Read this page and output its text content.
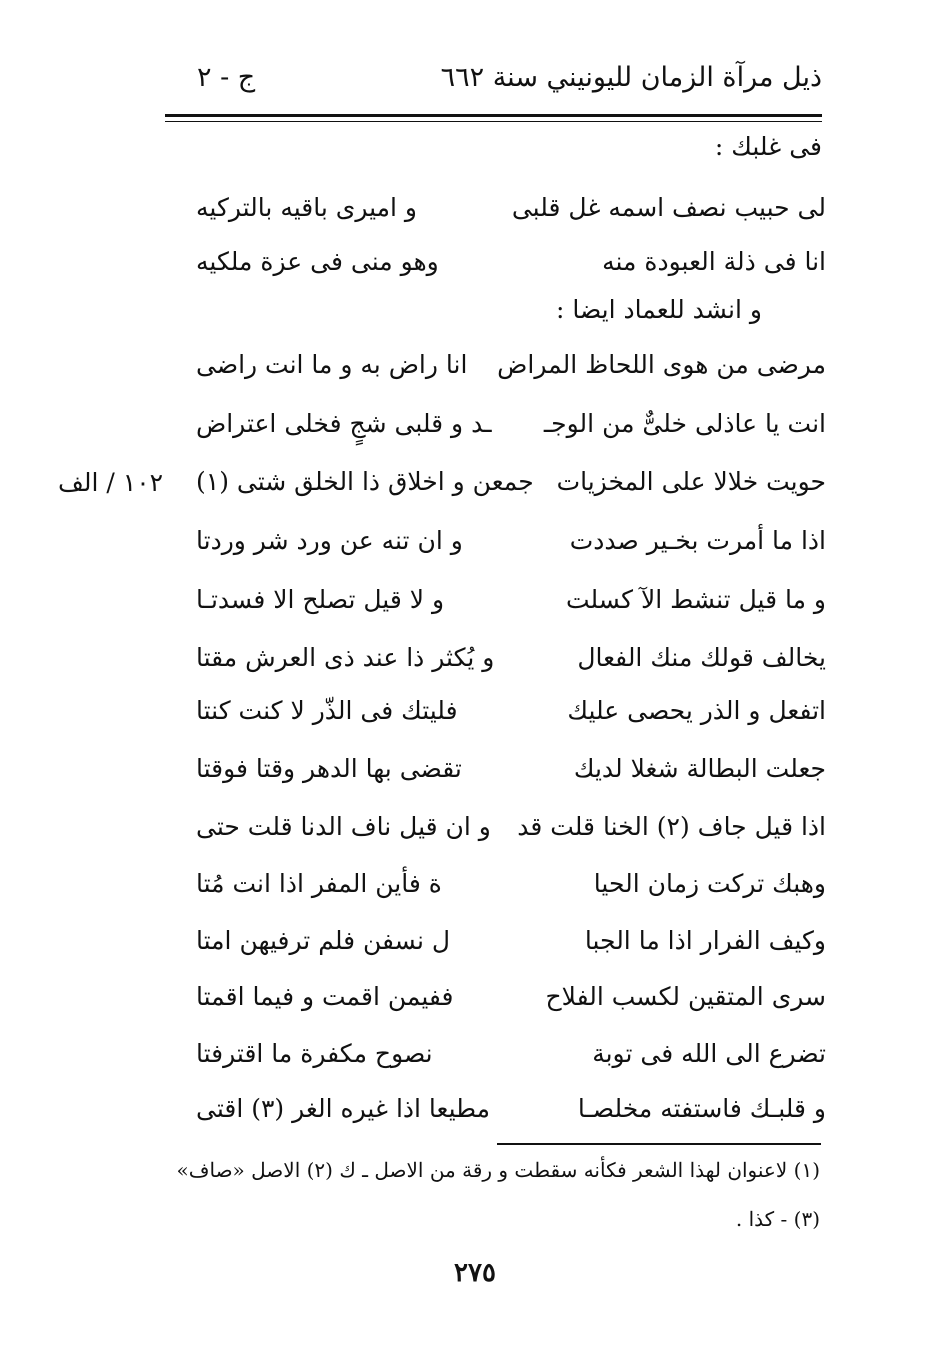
ذيل مرآة الزمان لليونيني سنة ٦٦٢
ج - ٢
فى غلبك :
لى حبيب نصف اسمه غل قلبى
و اميرى باقيه بالتركيه
انا فى ذلة العبودة منه
وهو منى فى عزة ملكيه
و انشد للعماد ايضا :
مرضى من هوى اللحاظ المراض
انا راض به و ما انت راضى
انت يا عاذلى خلىٌّ من الوجـ
ـد و قلبى شجٍ فخلى اعتراض
حويت خلالا على المخزيات
جمعن و اخلاق ذا الخلق شتى (١)
اذا ما أمرت بخـير صددت
و ان تنه عن ورد شر وردتا
و ما قيل تنشط الآ كسلت
و لا قيل تصلح الا فسدتـا
يخالف قولك منك الفعال
و يُكثر ذا عند ذى العرش مقتا
اتفعل و الذر يحصى عليك
فليتك فى الذّر لا كنت كنتا
جعلت البطالة شغلا لديك
تقضى بها الدهر وقتا فوقتا
اذا قيل جاف (٢) الخنا قلت قد
و ان قيل ناف الدنا قلت حتى
وهبك تركت زمان الحيا
ة فأين المفر اذا انت مُتا
وكيف الفرار اذا ما الجبا
ل نسفن فلم ترفيهن امتا
سرى المتقين لكسب الفلاح
ففيمن اقمت و فيما اقمتا
تضرع الى الله فى توبة
نصوح مكفرة ما اقترفتا
و قلبـك فاستفته مخلصـا
مطيعا اذا غيره الغر (٣) اقتى
١٠٢ / الف
(١) لاعنوان لهذا الشعر فكأنه سقطت و رقة من الاصل ـ ك (٢) الاصل «صاف»
(٣) - كذا .
٢٧٥
